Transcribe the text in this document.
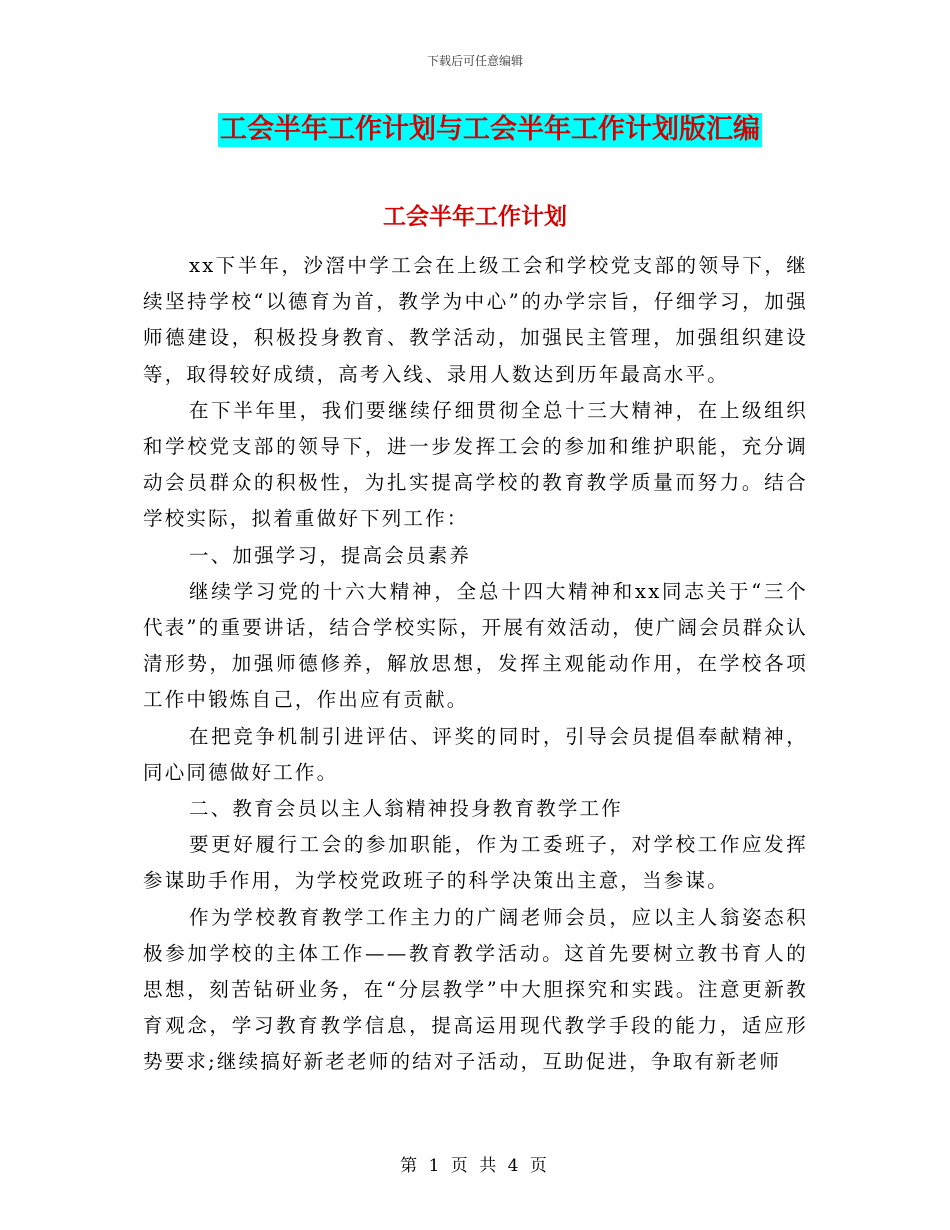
下载后可任意编辑
工会半年工作计划与工会半年工作计划版汇编
工会半年工作计划

xx下半年，沙滘中学工会在上级工会和学校党支部的领导下，继续坚持学校“以德育为首，教学为中心”的办学宗旨，仔细学习，加强师德建设，积极投身教育、教学活动，加强民主管理，加强组织建设等，取得较好成绩，高考入线、录用人数达到历年最高水平。

在下半年里，我们要继续仔细贯彻全总十三大精神，在上级组织和学校党支部的领导下，进一步发挥工会的参加和维护职能，充分调动会员群众的积极性，为扎实提高学校的教育教学质量而努力。结合学校实际，拟着重做好下列工作：

一、加强学习，提高会员素养

继续学习党的十六大精神，全总十四大精神和xx同志关于“三个代表”的重要讲话，结合学校实际，开展有效活动，使广阔会员群众认清形势，加强师德修养，解放思想，发挥主观能动作用，在学校各项工作中锻炼自己，作出应有贡献。

在把竞争机制引进评估、评奖的同时，引导会员提倡奉献精神，同心同德做好工作。

二、教育会员以主人翁精神投身教育教学工作

要更好履行工会的参加职能，作为工委班子，对学校工作应发挥参谋助手作用，为学校党政班子的科学决策出主意，当参谋。

作为学校教育教学工作主力的广阔老师会员，应以主人翁姿态积极参加学校的主体工作——教育教学活动。这首先要树立教书育人的思想，刻苦钻研业务，在“分层教学”中大胆探究和实践。注意更新教育观念，学习教育教学信息，提高运用现代教学手段的能力，适应形势要求;继续搞好新老老师的结对子活动，互助促进，争取有新老师

第 1 页 共 4 页
